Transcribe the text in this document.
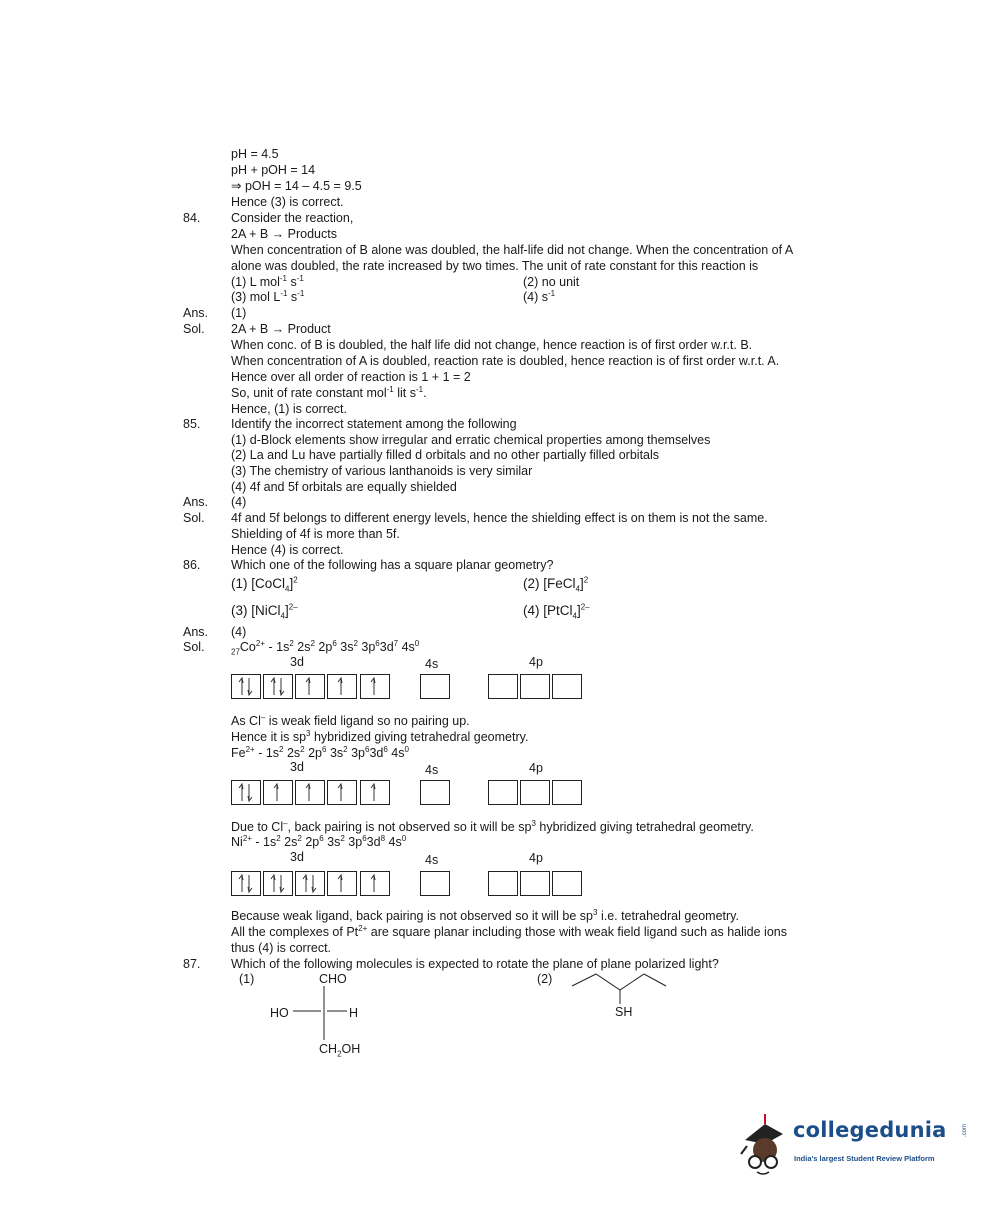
pH = 4.5
pH + pOH = 14
⇒ pOH = 14 – 4.5 = 9.5
Hence (3) is correct.
84. Consider the reaction,
2A + B → Products
When concentration of B alone was doubled, the half-life did not change. When the concentration of A
alone was doubled, the rate increased by two times. The unit of rate constant for this reaction is
(1) L mol$^{-1}$ $s^{-1}$	(2) no unit
(3) mol $L^{-1}$ $s^{-1}$	(4) $s^{-1}$
Ans. (1)
Sol. 2A + B → Product
When conc. of B is doubled, the half life did not change, hence reaction is of first order w.r.t. B.
When concentration of A is doubled, reaction rate is doubled, hence reaction is of first order w.r.t. A.
Hence over all order of reaction is 1 + 1 = 2
So, unit of rate constant mol$^{-1}$ lit $s^{-1}$.
Hence, (1) is correct.
85. Identify the incorrect statement among the following
(1) d-Block elements show irregular and erratic chemical properties among themselves
(2) La and Lu have partially filled d orbitals and no other partially filled orbitals
(3) The chemistry of various lanthanoids is very similar
(4) 4f and 5f orbitals are equally shielded
Ans. (4)
Sol. 4f and 5f belongs to different energy levels, hence the shielding effect is on them is not the same.
Shielding of 4f is more than 5f.
Hence (4) is correct.
86. Which one of the following has a square planar geometry?
(1) [CoCl$_4$]$^2$	(2) [FeCl$_4$]$^2$
(3) [NiCl$_4$]$^{2-}$	(4) [PtCl$_4$]$^{2-}$
Ans. (4)
Sol.	$_{27}Co^{2+} - 1s^2$ $2s^2$ $2p^6$ $3s^2$ $3p^63d^7$ $4s^0$
3d	4s	4p
As Cl– is weak field ligand so no pairing up.
Hence it is $sp^3$ hybridized giving tetrahedral geometry.
$Fe^{2+} - 1s^2$ $2s^2$ $2p^6$ $3s^2$ $3p^63d^6$ $4s^0$
3d	4s	4p
Due to Cl–, back pairing is not observed so it will be $sp^3$ hybridized giving tetrahedral geometry.
$Ni^{2+} - 1s^2$ $2s^2$ $2p^6$ $3s^2$ $3p^63d^8$ $4s^0$
3d	4s	4p
Because weak ligand, back pairing is not observed so it will be $sp^3$ i.e. tetrahedral geometry.
All the complexes of $Pt^{2+}$ are square planar including those with weak field ligand such as halide ions
thus (4) is correct.
87. Which of the following molecules is expected to rotate the plane of plane polarized light?
(1)	(2)
CHO
HO	H
$CH_2OH$
SH
collegedunia	.com
India's largest Student Review Platform
